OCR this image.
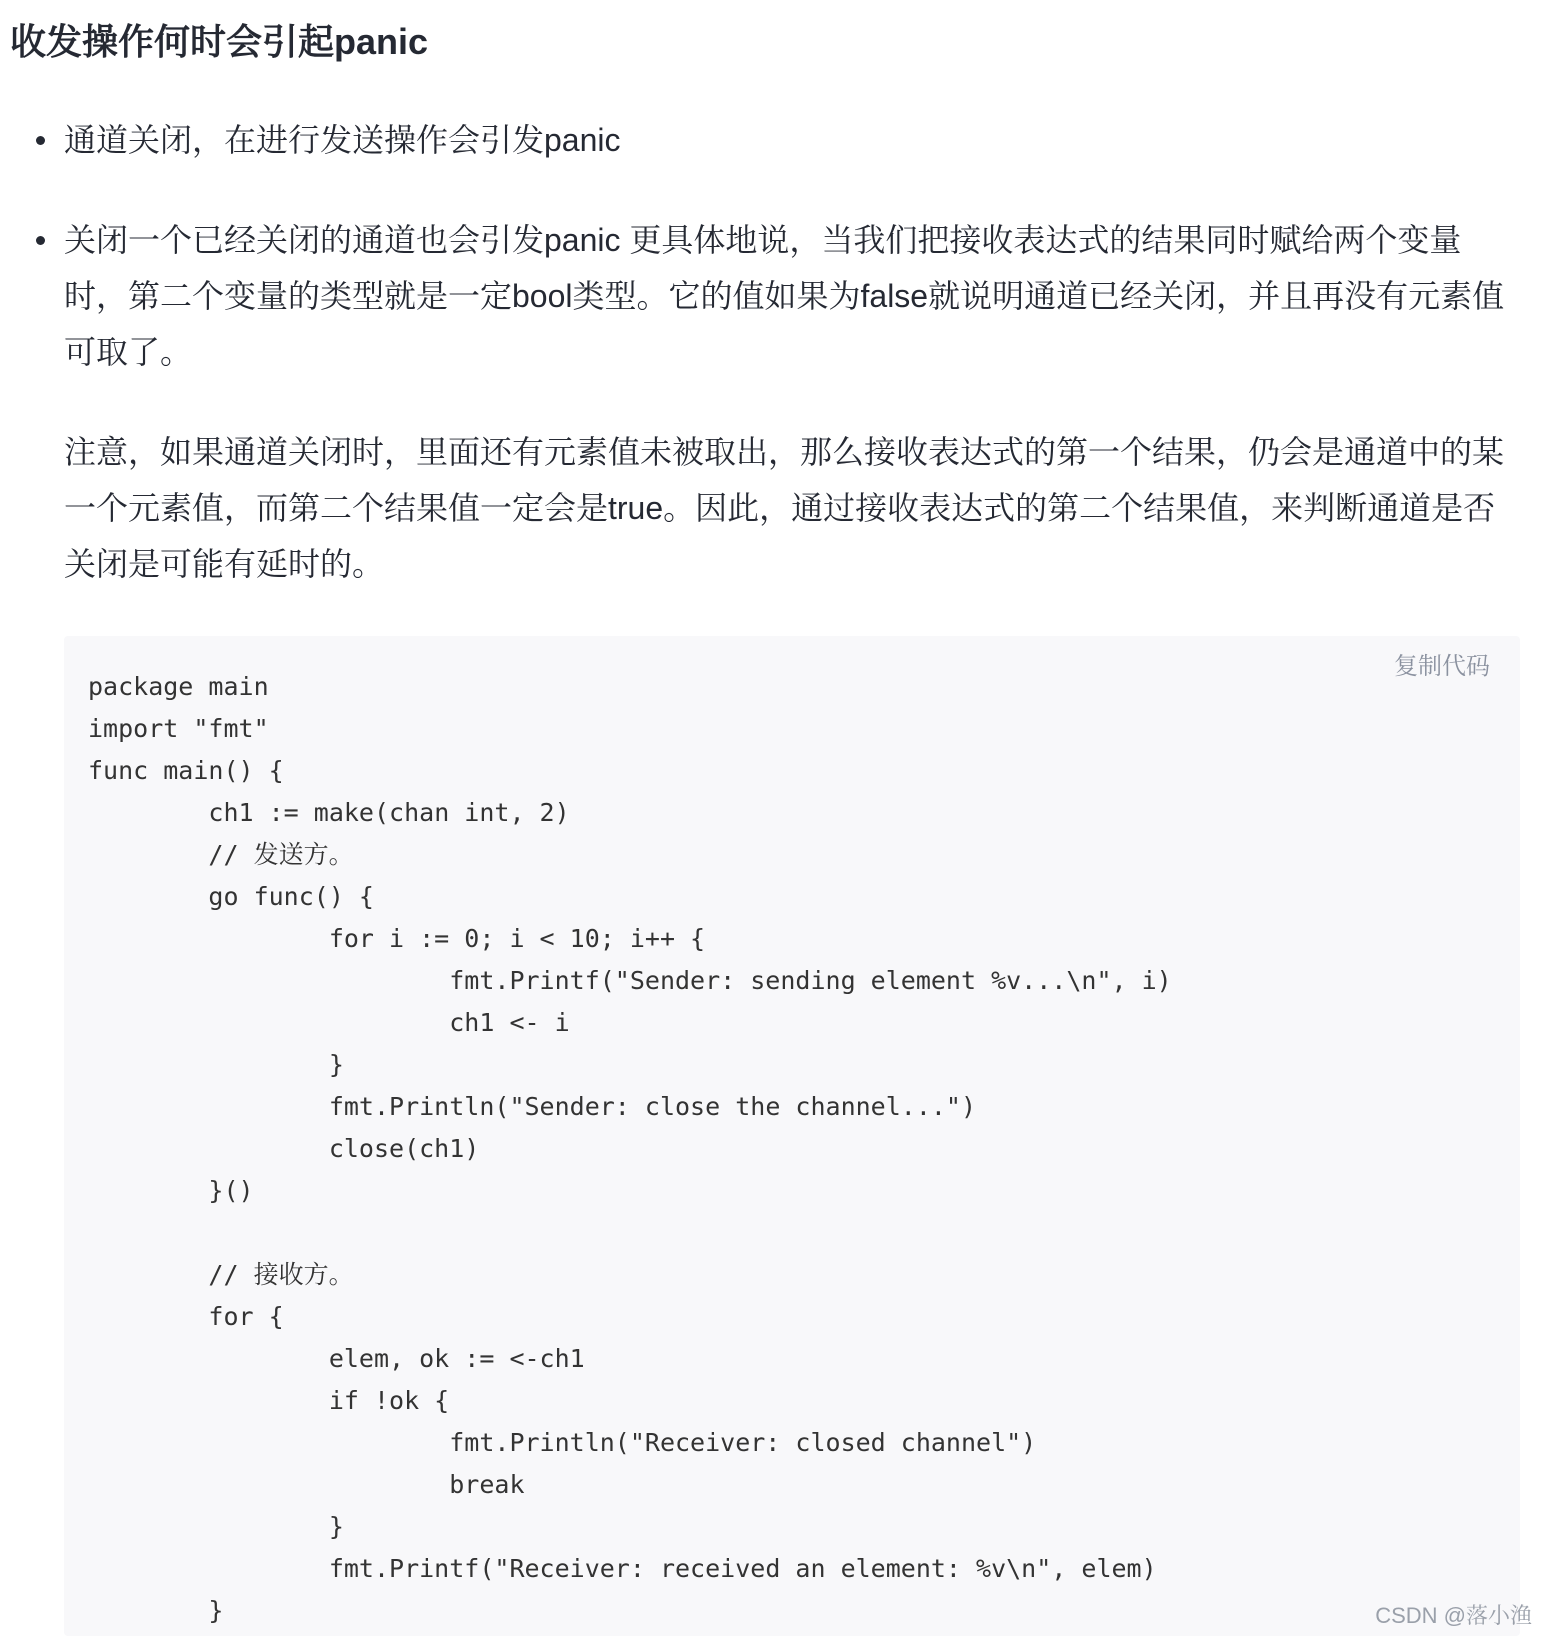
收发操作何时会引起panic

通道关闭，在进行发送操作会引发panic

关闭一个已经关闭的通道也会引发panic 更具体地说，当我们把接收表达式的结果同时赋给两个变量时，第二个变量的类型就是一定bool类型。它的值如果为false就说明通道已经关闭，并且再没有元素值可取了。

注意，如果通道关闭时，里面还有元素值未被取出，那么接收表达式的第一个结果，仍会是通道中的某一个元素值，而第二个结果值一定会是true。因此，通过接收表达式的第二个结果值，来判断通道是否关闭是可能有延时的。

复制代码
package main
import "fmt"
func main() {
	ch1 := make(chan int, 2)
	// 发送方。
	go func() {
		for i := 0; i < 10; i++ {
			fmt.Printf("Sender: sending element %v...\n", i)
			ch1 <- i
		}
		fmt.Println("Sender: close the channel...")
		close(ch1)
	}()

	// 接收方。
	for {
		elem, ok := <-ch1
		if !ok {
			fmt.Println("Receiver: closed channel")
			break
		}
		fmt.Printf("Receiver: received an element: %v\n", elem)
	}	CSDN @落小渔
